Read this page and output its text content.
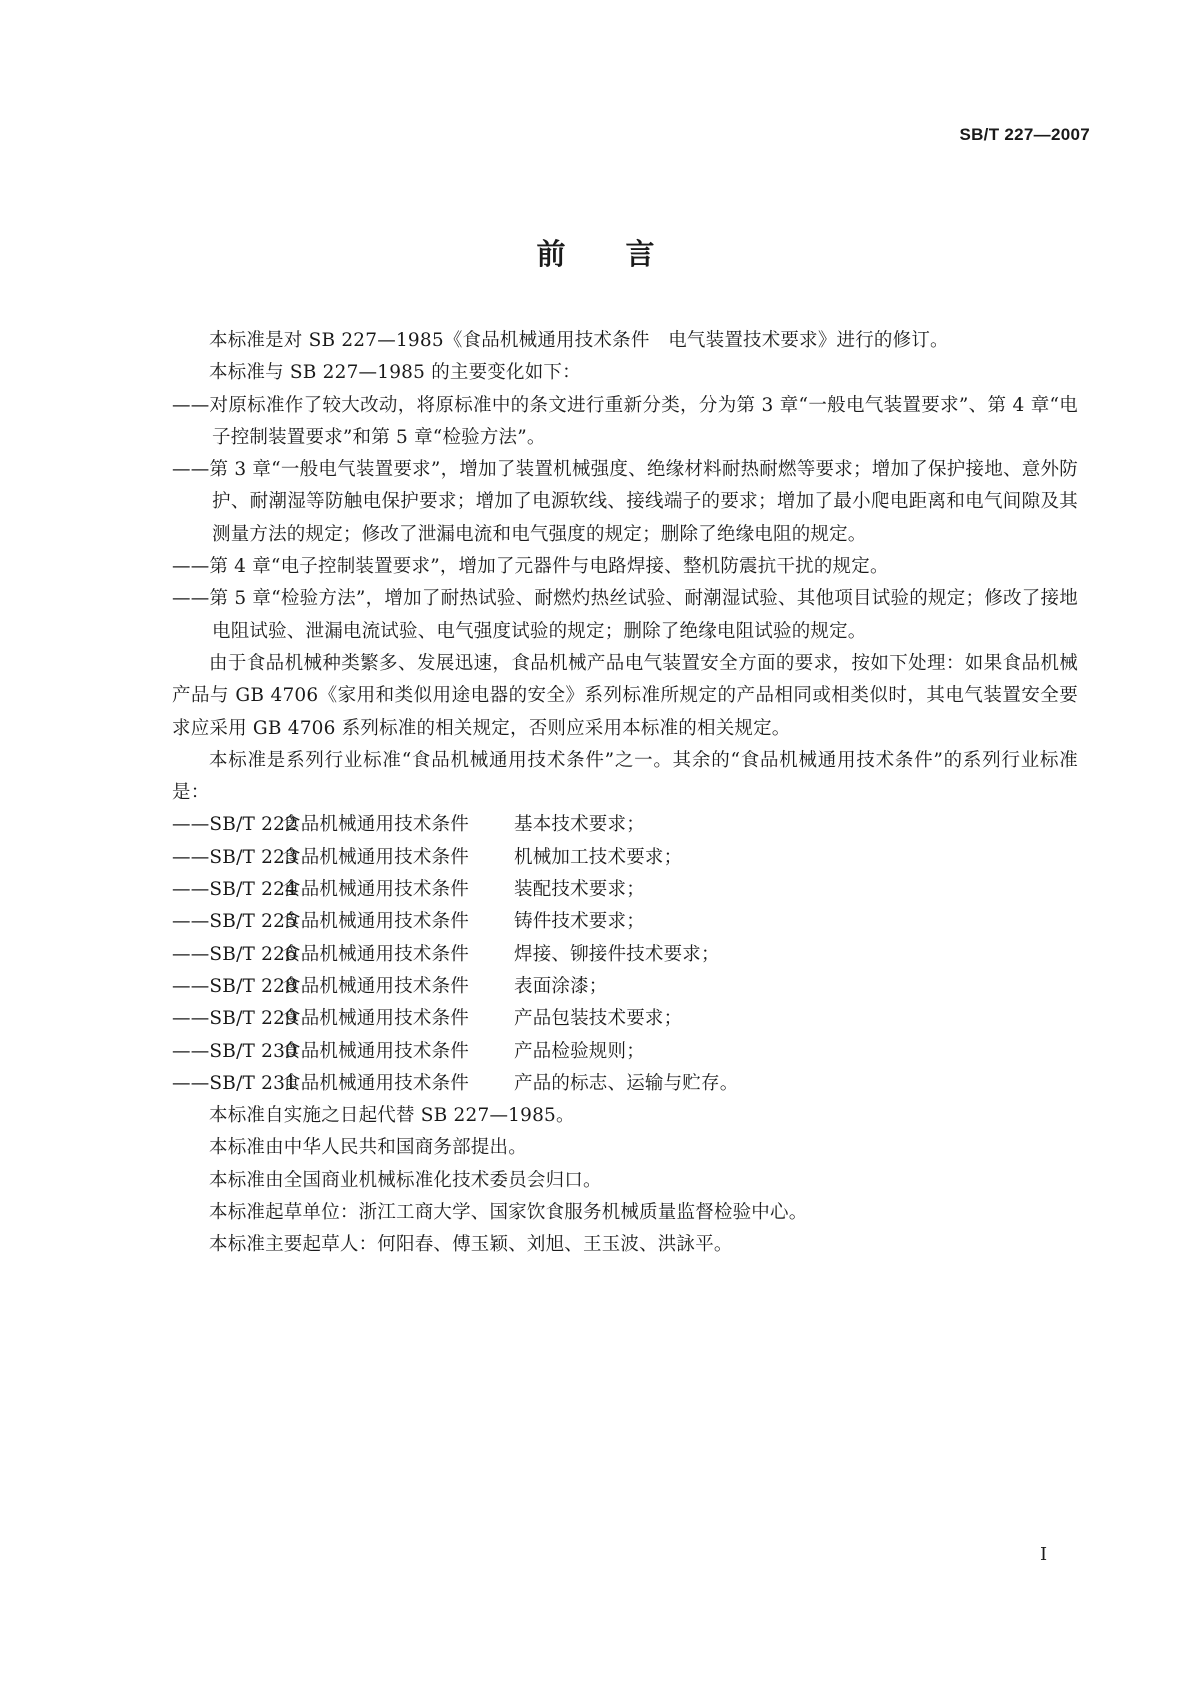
SB/T 227—2007
前言

本标准是对 SB 227—1985《食品机械通用技术条件　电气装置技术要求》进行的修订。

本标准与 SB 227—1985 的主要变化如下：

——对原标准作了较大改动，将原标准中的条文进行重新分类，分为第 3 章“一般电气装置要求”、第 4 章“电子控制装置要求”和第 5 章“检验方法”。

——第 3 章“一般电气装置要求”，增加了装置机械强度、绝缘材料耐热耐燃等要求；增加了保护接地、意外防护、耐潮湿等防触电保护要求；增加了电源软线、接线端子的要求；增加了最小爬电距离和电气间隙及其测量方法的规定；修改了泄漏电流和电气强度的规定；删除了绝缘电阻的规定。

——第 4 章“电子控制装置要求”，增加了元器件与电路焊接、整机防震抗干扰的规定。

——第 5 章“检验方法”，增加了耐热试验、耐燃灼热丝试验、耐潮湿试验、其他项目试验的规定；修改了接地电阻试验、泄漏电流试验、电气强度试验的规定；删除了绝缘电阻试验的规定。

由于食品机械种类繁多、发展迅速，食品机械产品电气装置安全方面的要求，按如下处理：如果食品机械产品与 GB 4706《家用和类似用途电器的安全》系列标准所规定的产品相同或相类似时，其电气装置安全要求应采用 GB 4706 系列标准的相关规定，否则应采用本标准的相关规定。

本标准是系列行业标准“食品机械通用技术条件”之一。其余的“食品机械通用技术条件”的系列行业标准是：

——SB/T 222食品机械通用技术条件 基本技术要求；
——SB/T 223食品机械通用技术条件 机械加工技术要求；
——SB/T 224食品机械通用技术条件 装配技术要求；
——SB/T 225食品机械通用技术条件 铸件技术要求；
——SB/T 226食品机械通用技术条件 焊接、铆接件技术要求；
——SB/T 228食品机械通用技术条件 表面涂漆；
——SB/T 229食品机械通用技术条件 产品包装技术要求；
——SB/T 230食品机械通用技术条件 产品检验规则；
——SB/T 231食品机械通用技术条件 产品的标志、运输与贮存。

本标准自实施之日起代替 SB 227—1985。

本标准由中华人民共和国商务部提出。

本标准由全国商业机械标准化技术委员会归口。

本标准起草单位：浙江工商大学、国家饮食服务机械质量监督检验中心。

本标准主要起草人：何阳春、傅玉颖、刘旭、王玉波、洪詠平。

I
